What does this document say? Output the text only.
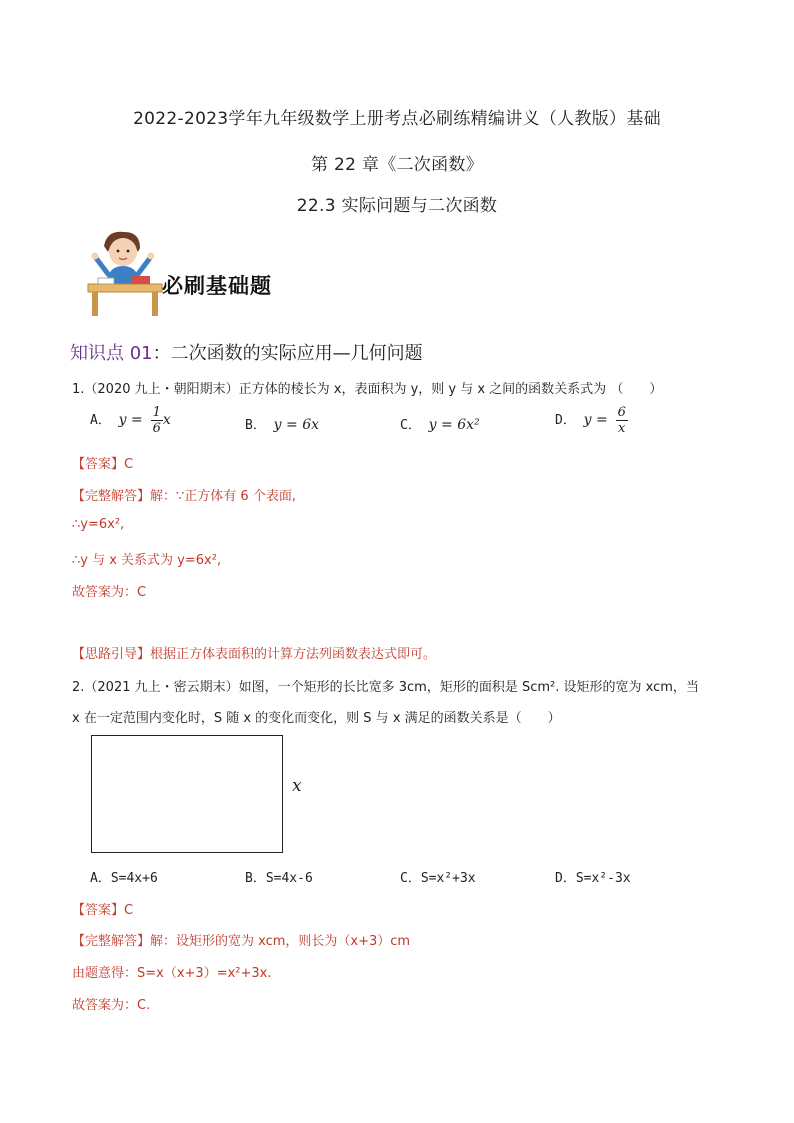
2022-2023学年九年级数学上册考点必刷练精编讲义（人教版）基础
第 22 章《二次函数》
22.3 实际问题与二次函数
必刷基础题
知识点 01：二次函数的实际应用—几何问题
1.（2020 九上・朝阳期末）正方体的棱长为 x，表面积为 y，则 y 与 x 之间的函数关系式为 （　　）
A． $y = \frac{1}{6}$ x	B． y = 6x	C． y = 6x²	D． $y = \frac{6}{x}$
【答案】C
【完整解答】解：∵正方体有 6 个表面,
∴y=6x²,
∴y 与 x 关系式为 y=6x²,
故答案为：C
【思路引导】根据正方体表面积的计算方法列函数表达式即可。
2.（2021 九上・密云期末）如图，一个矩形的长比宽多 3cm，矩形的面积是 Scm². 设矩形的宽为 xcm，当
x 在一定范围内变化时，S 随 x 的变化而变化，则 S 与 x 满足的函数关系是（　　）
x
A．S=4x+6	B．S=4x-6	C．S=x²+3x	D．S=x²-3x
【答案】C
【完整解答】解：设矩形的宽为 xcm，则长为（x+3）cm
由题意得：S=x（x+3）=x²+3x.
故答案为：C.
